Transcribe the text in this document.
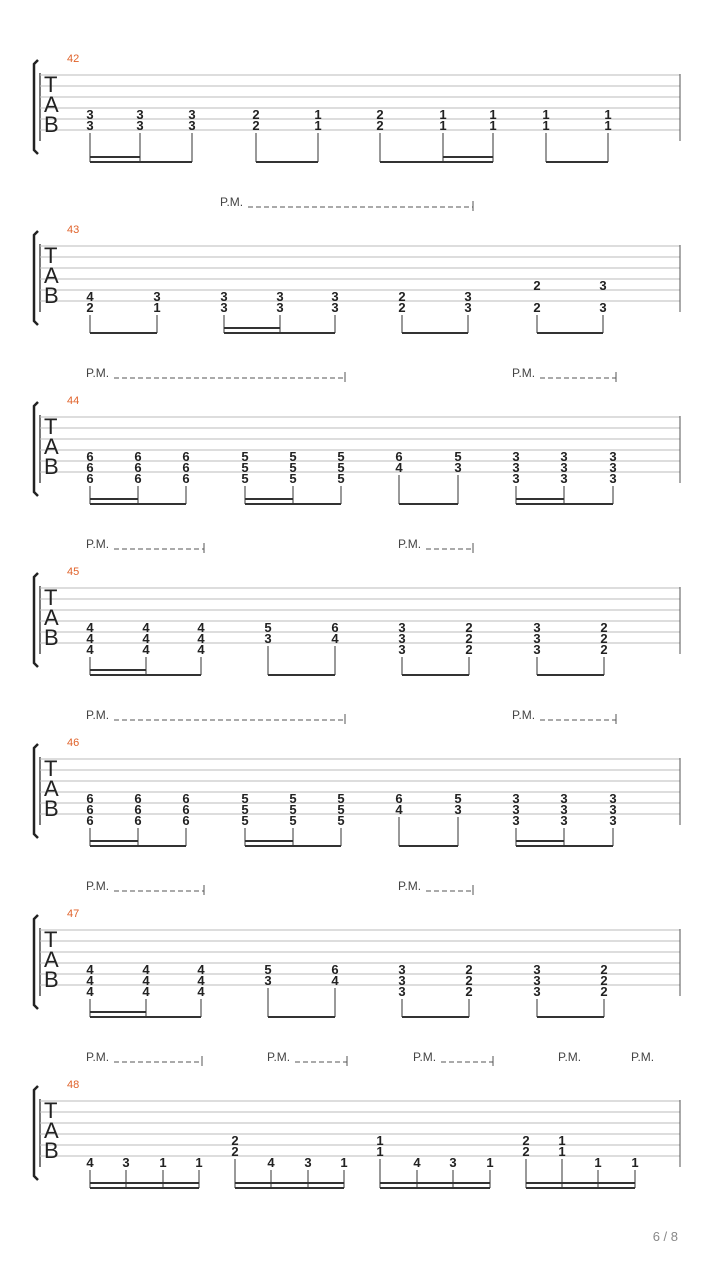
T
A
B
42
3
3
3
3
3
3
2
2
1
1
2
2
1
1
1
1
1
1
1
1
T
A
B
43
P.M.
4
2
3
1
3
3
3
3
3
3
2
2
3
3
2
2
3
3
T
A
B
44
P.M.	P.M.
6
6
6
6
6
6
6
6
6
5
5
5
5
5
5
5
5
5
6
4
5
3
3
3
3
3
3
3
3
3
3
T
A
B
45
P.M.	P.M.
4
4
4
4
4
4
4
4
4
5
3
6
4
3
3
3
2
2
2
3
3
3
2
2
2
T
A
B
46
P.M.	P.M.
6
6
6
6
6
6
6
6
6
5
5
5
5
5
5
5
5
5
6
4
5
3
3
3
3
3
3
3
3
3
3
T
A
B
47
P.M.	P.M.
4
4
4
4
4
4
4
4
4
5
3
6
4
3
3
3
2
2
2
3
3
3
2
2
2
T
A
B
48
P.M.	P.M.	P.M.	P.M.	P.M.
4 3 1 1
2
2
4 3 1
1
1
4 3 1
2
2
1
1
1 1
6 / 8
